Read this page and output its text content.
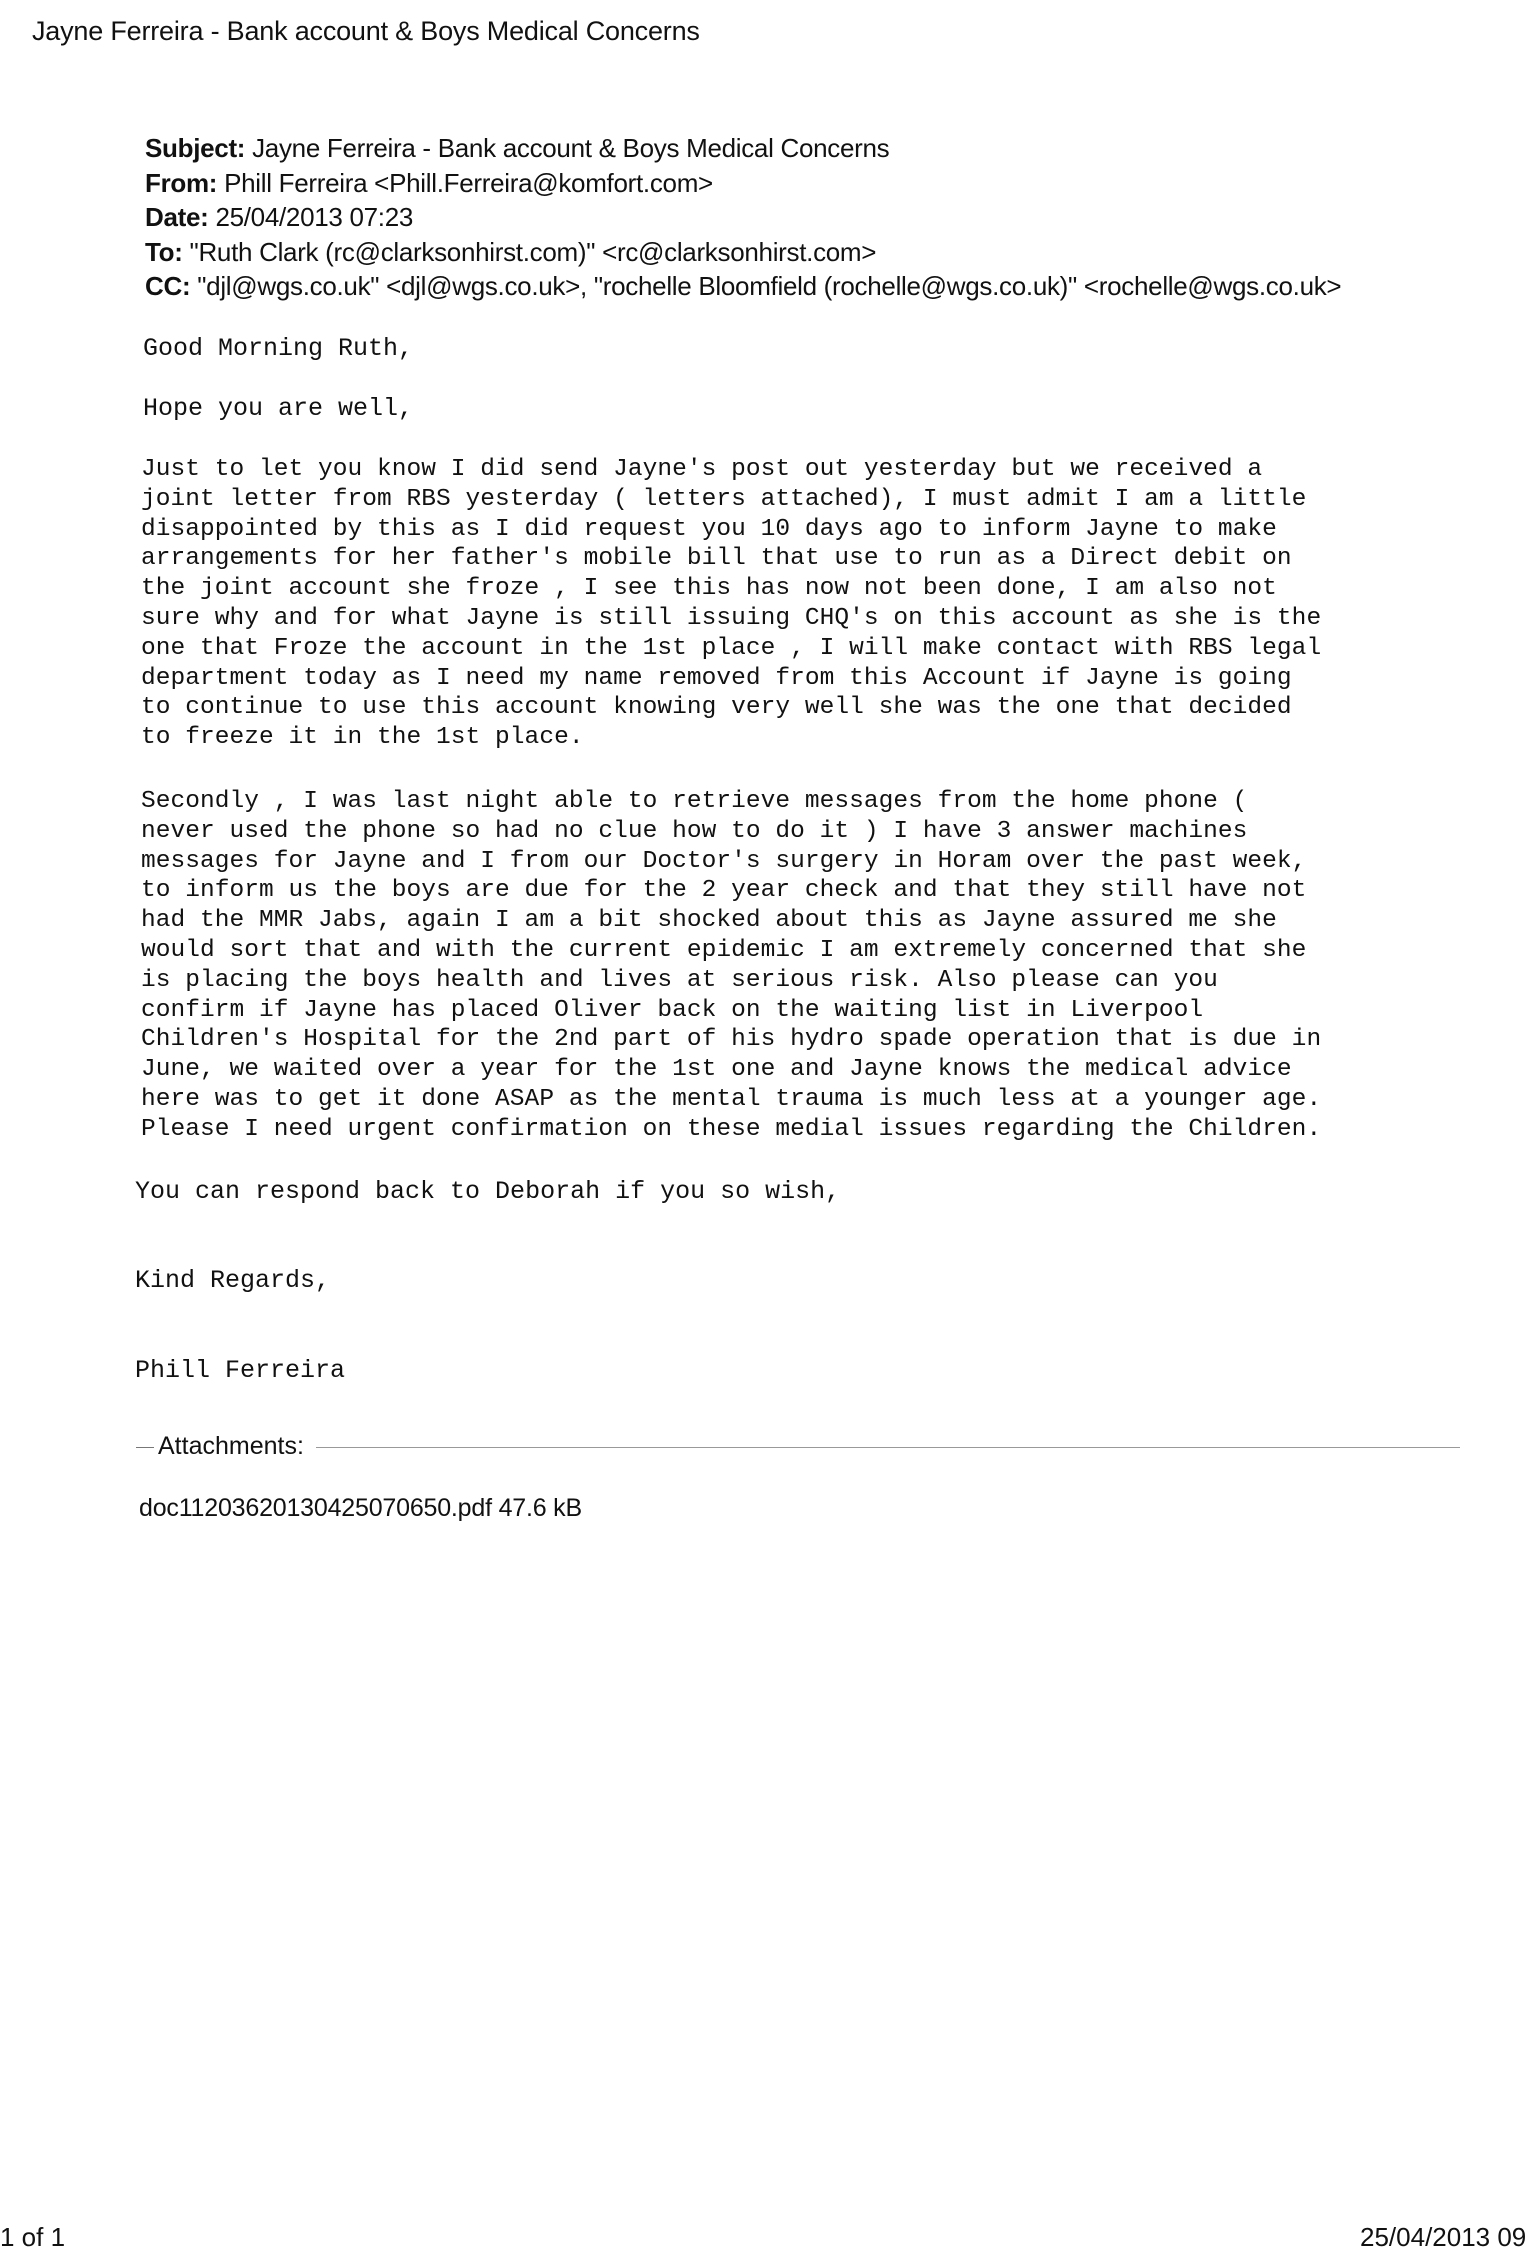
Jayne Ferreira - Bank account & Boys Medical Concerns
Subject: Jayne Ferreira - Bank account & Boys Medical Concerns
From: Phill Ferreira <Phill.Ferreira@komfort.com>
Date: 25/04/2013 07:23
To: "Ruth Clark (rc@clarksonhirst.com)" <rc@clarksonhirst.com>
CC: "djl@wgs.co.uk" <djl@wgs.co.uk>, "rochelle Bloomfield (rochelle@wgs.co.uk)" <rochelle@wgs.co.uk>
Good Morning Ruth,
Hope you are well,
Just to let you know I did send Jayne's post out yesterday but we received a
joint letter from RBS yesterday ( letters attached), I must admit I am a little
disappointed by this as I did request you 10 days ago to inform Jayne to make
arrangements for her father's mobile bill that use to run as a Direct debit on
the joint account she froze , I see this has now not been done, I am also not
sure why and for what Jayne is still issuing CHQ's on this account as she is the
one that Froze the account in the 1st place , I will make contact with RBS legal
department today as I need my name removed from this Account if Jayne is going
to continue to use this account knowing very well she was the one that decided
to freeze it in the 1st place.
Secondly , I was last night able to retrieve messages from the home phone (
never used the phone so had no clue how to do it ) I have 3 answer machines
messages for Jayne and I from our Doctor's surgery in Horam over the past week,
to inform us the boys are due for the 2 year check and that they still have not
had the MMR Jabs, again I am a bit shocked about this as Jayne assured me she
would sort that and with the current epidemic I am extremely concerned that she
is placing the boys health and lives at serious risk. Also please can you
confirm if Jayne has placed Oliver back on the waiting list in Liverpool
Children's Hospital for the 2nd part of his hydro spade operation that is due in
June, we waited over a year for the 1st one and Jayne knows the medical advice
here was to get it done ASAP as the mental trauma is much less at a younger age.
Please I need urgent confirmation on these medial issues regarding the Children.
You can respond back to Deborah if you so wish,
Kind Regards,
Phill Ferreira
Attachments:
doc11203620130425070650.pdf 47.6 kB
1 of 1	25/04/2013 09
